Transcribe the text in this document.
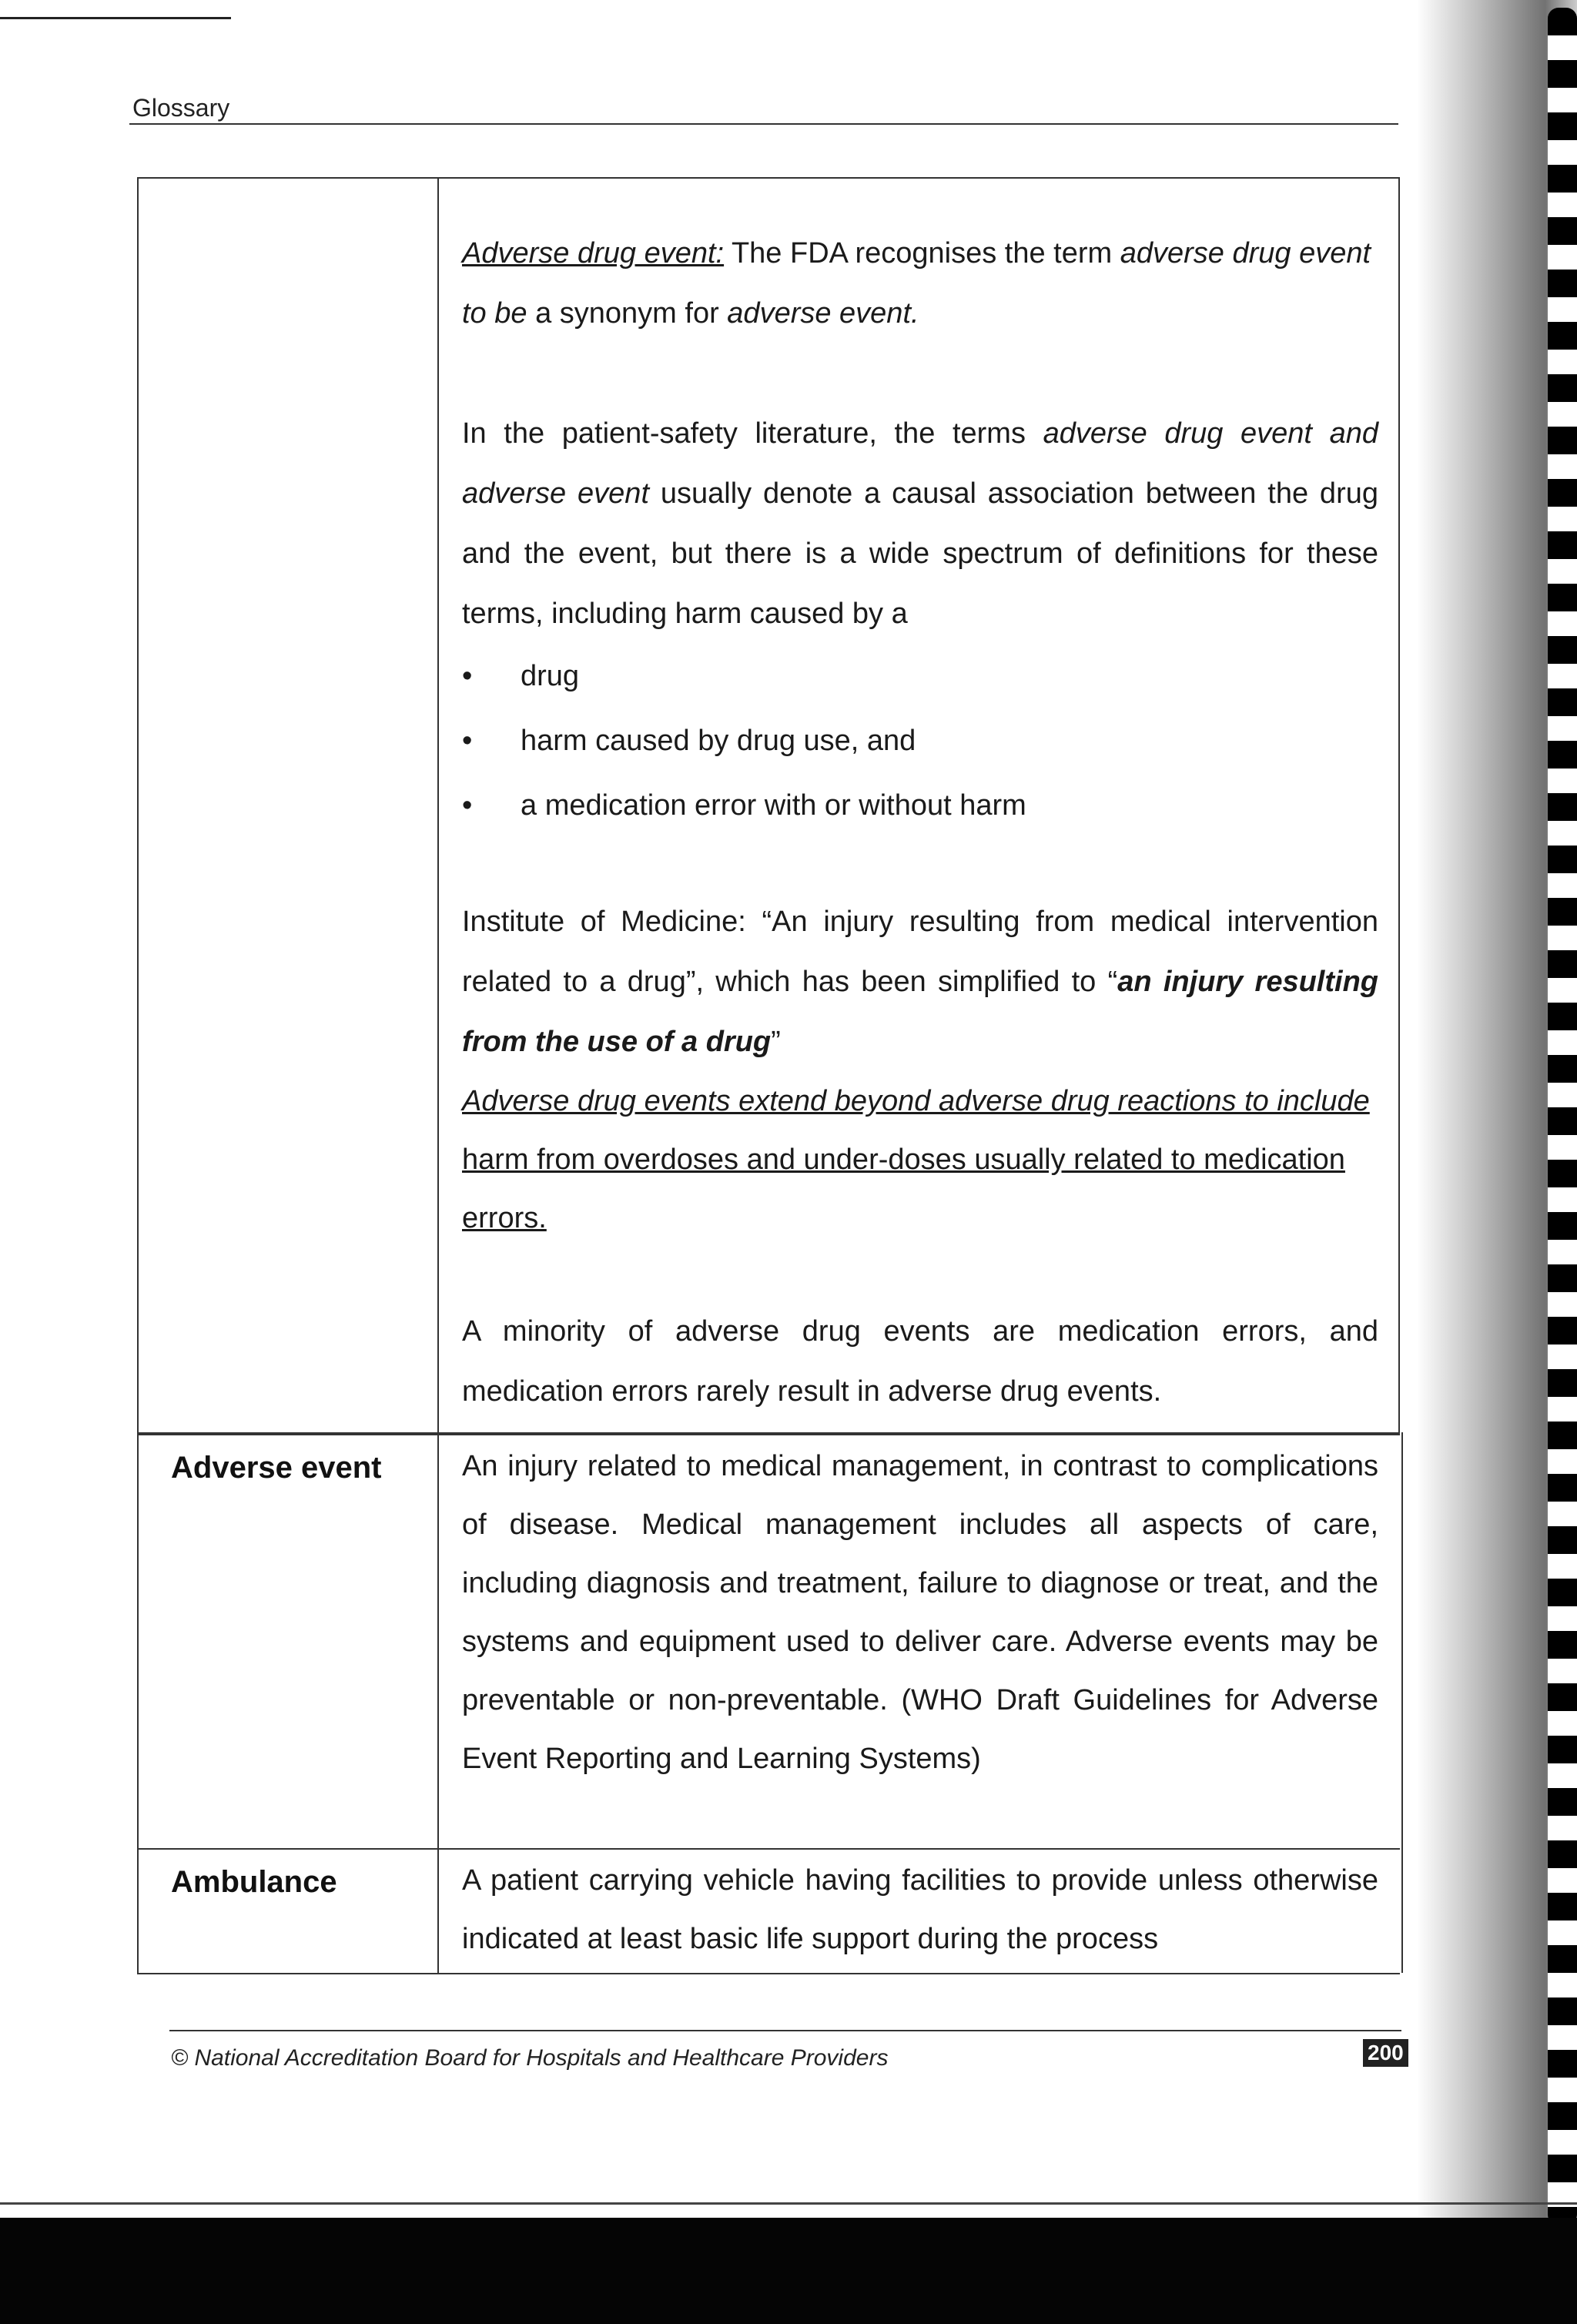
Glossary

Adverse drug event: The FDA recognises the term adverse drug event to be a synonym for adverse event.

In the patient-safety literature, the terms adverse drug event and adverse event usually denote a causal association between the drug and the event, but there is a wide spectrum of definitions for these terms, including harm caused by a

• drug
• harm caused by drug use, and
• a medication error with or without harm

Institute of Medicine: “An injury resulting from medical intervention related to a drug”, which has been simplified to “an injury resulting from the use of a drug”

Adverse drug events extend beyond adverse drug reactions to include harm from overdoses and under-doses usually related to medication errors.

A minority of adverse drug events are medication errors, and medication errors rarely result in adverse drug events.

Adverse event	An injury related to medical management, in contrast to complications of disease. Medical management includes all aspects of care, including diagnosis and treatment, failure to diagnose or treat, and the systems and equipment used to deliver care. Adverse events may be preventable or non-preventable. (WHO Draft Guidelines for Adverse Event Reporting and Learning Systems)
Ambulance	A patient carrying vehicle having facilities to provide unless otherwise indicated at least basic life support during the process
© National Accreditation Board for Hospitals and Healthcare Providers	200
